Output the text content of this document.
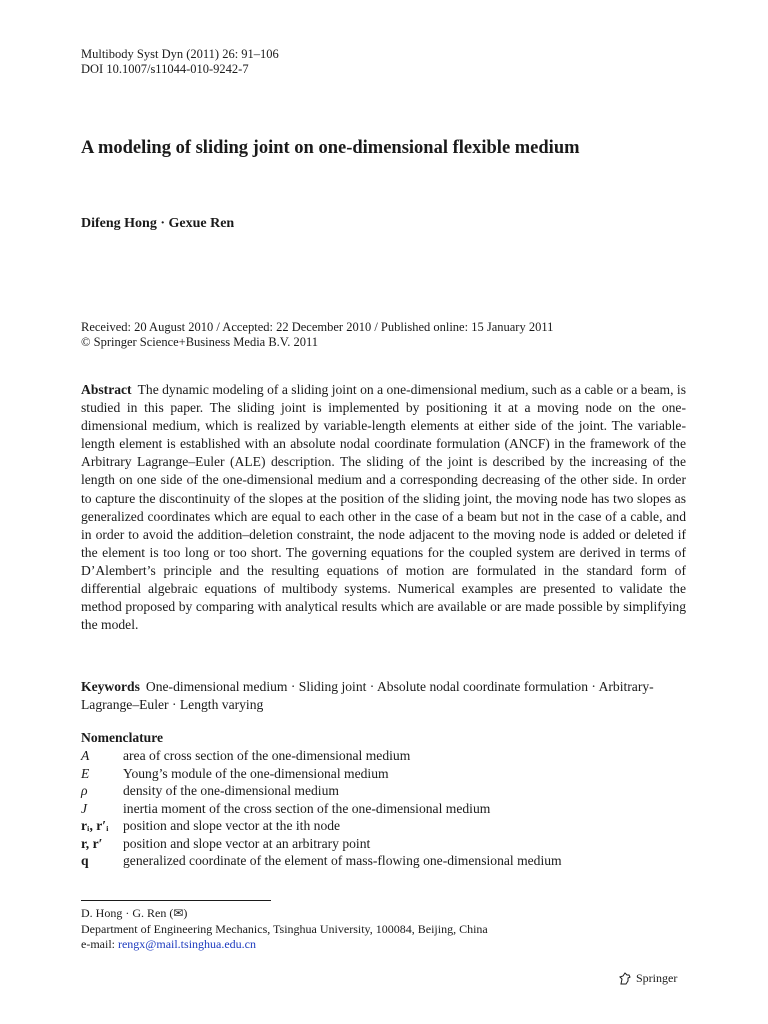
Multibody Syst Dyn (2011) 26: 91–106
DOI 10.1007/s11044-010-9242-7
A modeling of sliding joint on one-dimensional flexible medium
Difeng Hong · Gexue Ren
Received: 20 August 2010 / Accepted: 22 December 2010 / Published online: 15 January 2011
© Springer Science+Business Media B.V. 2011

Abstract The dynamic modeling of a sliding joint on a one-dimensional medium, such as a cable or a beam, is studied in this paper. The sliding joint is implemented by positioning it at a moving node on the one-dimensional medium, which is realized by variable-length elements at either side of the joint. The variable-length element is established with an absolute nodal coordinate formulation (ANCF) in the framework of the Arbitrary Lagrange–Euler (ALE) description. The sliding of the joint is described by the increasing of the length on one side of the one-dimensional medium and a corresponding decreasing of the other side. In order to capture the discontinuity of the slopes at the position of the sliding joint, the moving node has two slopes as generalized coordinates which are equal to each other in the case of a beam but not in the case of a cable, and in order to avoid the addition–deletion constraint, the node adjacent to the moving node is added or deleted if the element is too long or too short. The governing equations for the coupled system are derived in terms of D’Alembert’s principle and the resulting equations of motion are formulated in the standard form of differential algebraic equations of multibody systems. Numerical examples are presented to validate the method proposed by comparing with analytical results which are available or are made possible by simplifying the model.

Keywords One-dimensional medium · Sliding joint · Absolute nodal coordinate formulation · Arbitrary-Lagrange–Euler · Length varying

Nomenclature
A	area of cross section of the one-dimensional medium
E	Young’s module of the one-dimensional medium
ρ	density of the one-dimensional medium
J	inertia moment of the cross section of the one-dimensional medium
rᵢ, r′ᵢ	position and slope vector at the ith node
r, r′	position and slope vector at an arbitrary point
q	generalized coordinate of the element of mass-flowing one-dimensional medium
D. Hong · G. Ren (✉)
Department of Engineering Mechanics, Tsinghua University, 100084, Beijing, China
e-mail: rengx@mail.tsinghua.edu.cn
Springer
